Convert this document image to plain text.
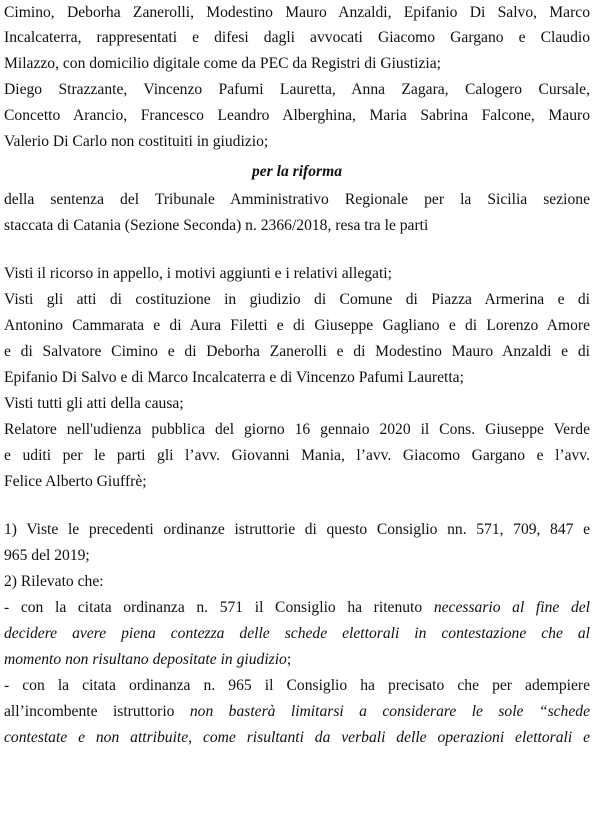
Cimino, Deborha Zanerolli, Modestino Mauro Anzaldi, Epifanio Di Salvo, Marco
Incalcaterra, rappresentati e difesi dagli avvocati Giacomo Gargano e Claudio
Milazzo, con domicilio digitale come da PEC da Registri di Giustizia;
Diego Strazzante, Vincenzo Pafumi Lauretta, Anna Zagara, Calogero Cursale,
Concetto Arancio, Francesco Leandro Alberghina, Maria Sabrina Falcone, Mauro
Valerio Di Carlo non costituiti in giudizio;
per la riforma
della sentenza del Tribunale Amministrativo Regionale per la Sicilia sezione
staccata di Catania (Sezione Seconda) n. 2366/2018, resa tra le parti
Visti il ricorso in appello, i motivi aggiunti e i relativi allegati;
Visti gli atti di costituzione in giudizio di Comune di Piazza Armerina e di
Antonino Cammarata e di Aura Filetti e di Giuseppe Gagliano e di Lorenzo Amore
e di Salvatore Cimino e di Deborha Zanerolli e di Modestino Mauro Anzaldi e di
Epifanio Di Salvo e di Marco Incalcaterra e di Vincenzo Pafumi Lauretta;
Visti tutti gli atti della causa;
Relatore nell'udienza pubblica del giorno 16 gennaio 2020 il Cons. Giuseppe Verde
e uditi per le parti gli l’avv. Giovanni Mania, l’avv. Giacomo Gargano e l’avv.
Felice Alberto Giuffrè;
1) Viste le precedenti ordinanze istruttorie di questo Consiglio nn. 571, 709, 847 e
965 del 2019;
2) Rilevato che:
- con la citata ordinanza n. 571 il Consiglio ha ritenuto necessario al fine del
decidere avere piena contezza delle schede elettorali in contestazione che al
momento non risultano depositate in giudizio;
- con la citata ordinanza n. 965 il Consiglio ha precisato che per adempiere
all’incombente istruttorio non basterà limitarsi a considerare le sole “schede
contestate e non attribuite, come risultanti da verbali delle operazioni elettorali e
